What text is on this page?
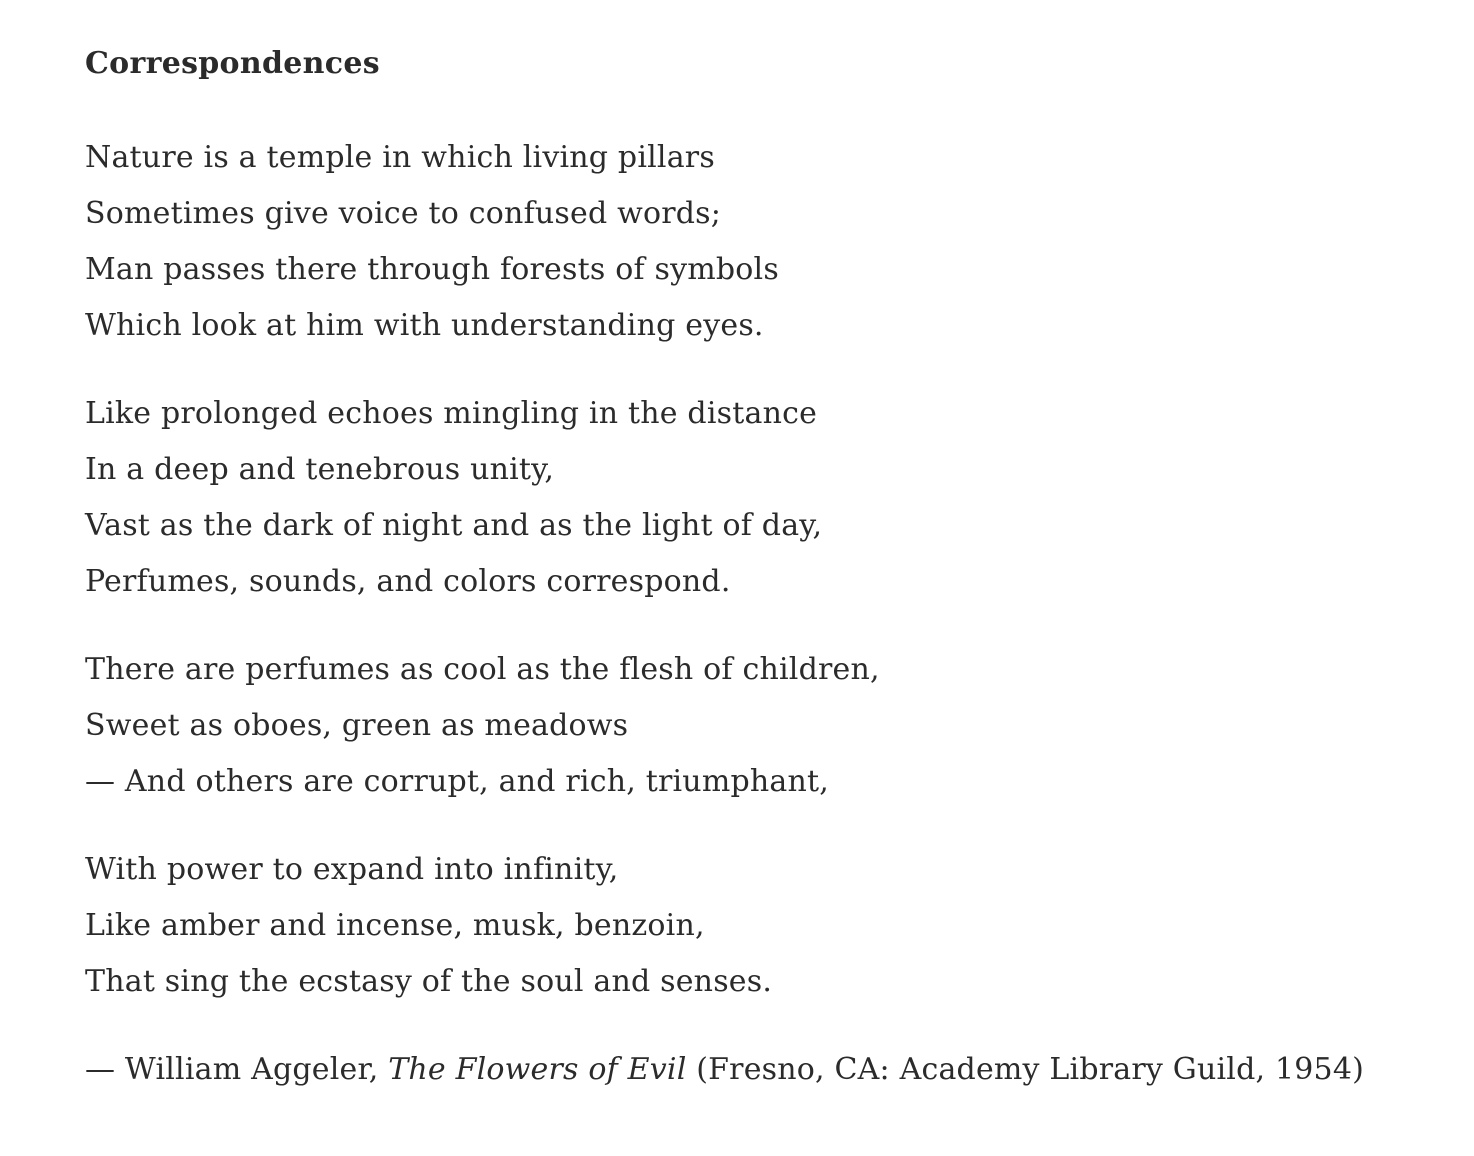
Correspondences
Nature is a temple in which living pillars
Sometimes give voice to confused words;
Man passes there through forests of symbols
Which look at him with understanding eyes.
Like prolonged echoes mingling in the distance
In a deep and tenebrous unity,
Vast as the dark of night and as the light of day,
Perfumes, sounds, and colors correspond.
There are perfumes as cool as the flesh of children,
Sweet as oboes, green as meadows
— And others are corrupt, and rich, triumphant,
With power to expand into infinity,
Like amber and incense, musk, benzoin,
That sing the ecstasy of the soul and senses.
— William Aggeler, The Flowers of Evil (Fresno, CA: Academy Library Guild, 1954)
